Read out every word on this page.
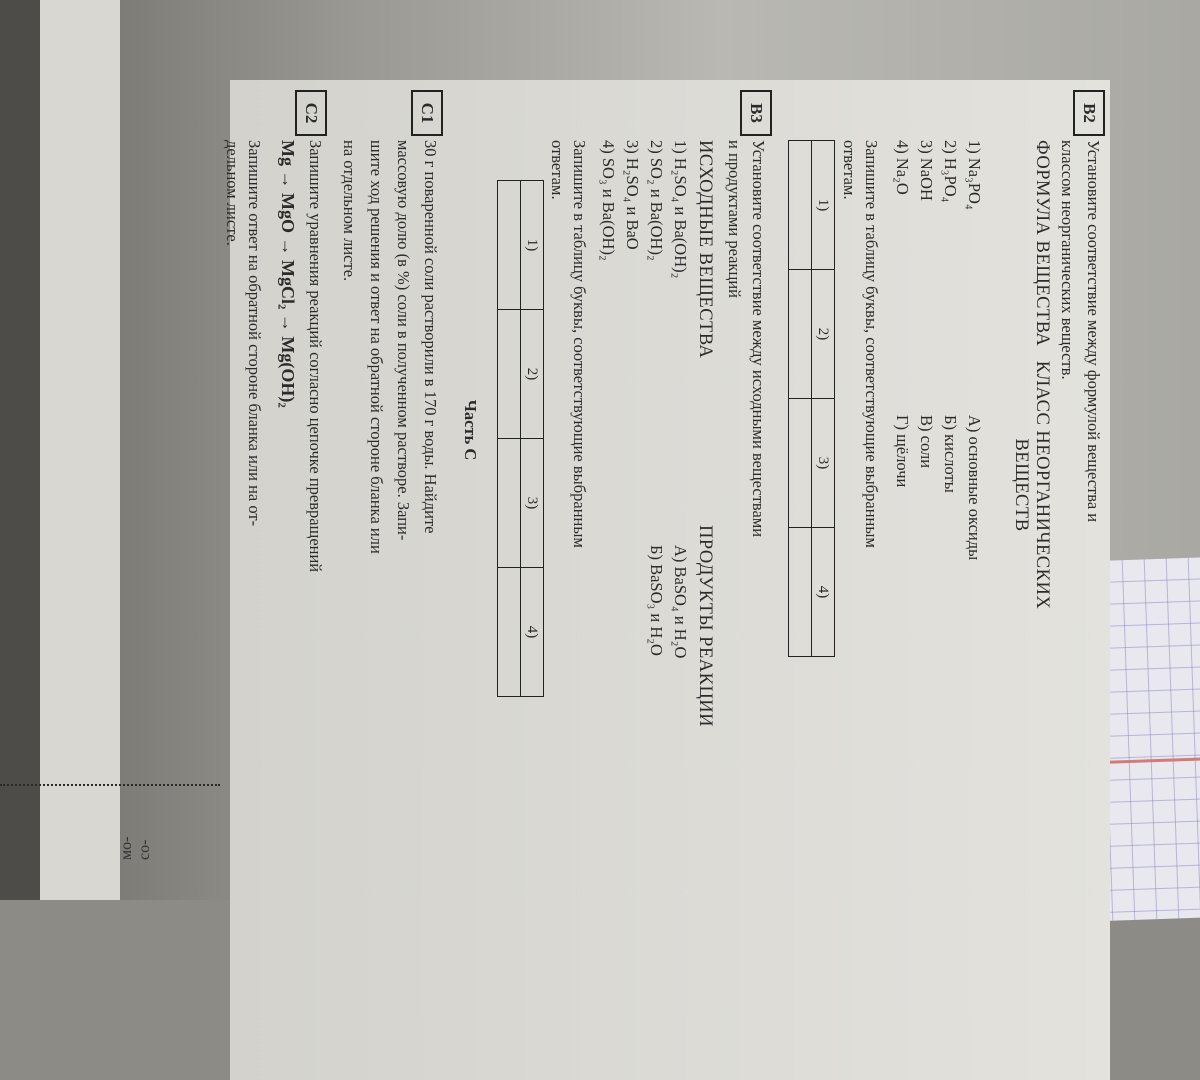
мо- со-
B2
Установите соответствие между формулой вещества и
классом неорганических веществ.
ФОРМУЛА ВЕЩЕСТВА
КЛАСС НЕОРГАНИЧЕСКИХ
ВЕЩЕСТВ
1) Na₃PO₄
2) H₃PO₄
3) NaOH
4) Na₂O
А) основные оксиды
Б) кислоты
В) соли
Г) щёлочи
Запишите в таблицу буквы, соответствующие выбранным
ответам.
1)	2)	3)	4)

B3
Установите соответствие между исходными веществами
и продуктами реакций
ИСХОДНЫЕ ВЕЩЕСТВА
ПРОДУКТЫ РЕАКЦИИ
1) H₂SO₄ и Ba(OH)₂
2) SO₂ и Ba(OH)₂
3) H₂SO₄ и BaO
4) SO₃ и Ba(OH)₂
А) BaSO₄ и H₂O
Б) BaSO₃ и H₂O
Запишите в таблицу буквы, соответствующие выбранным
ответам.
1)	2)	3)	4)

Часть С
С1
30 г поваренной соли растворили в 170 г воды. Найдите
массовую долю (в %) соли в полученном растворе. Запи-
шите ход решения и ответ на обратной стороне бланка или
на отдельном листе.
С2
Запишите уравнения реакций согласно цепочке превращений
Mg → MgO → MgCl₂ → Mg(OH)₂
Запишите ответ на обратной стороне бланка или на от-
дельном листе.
